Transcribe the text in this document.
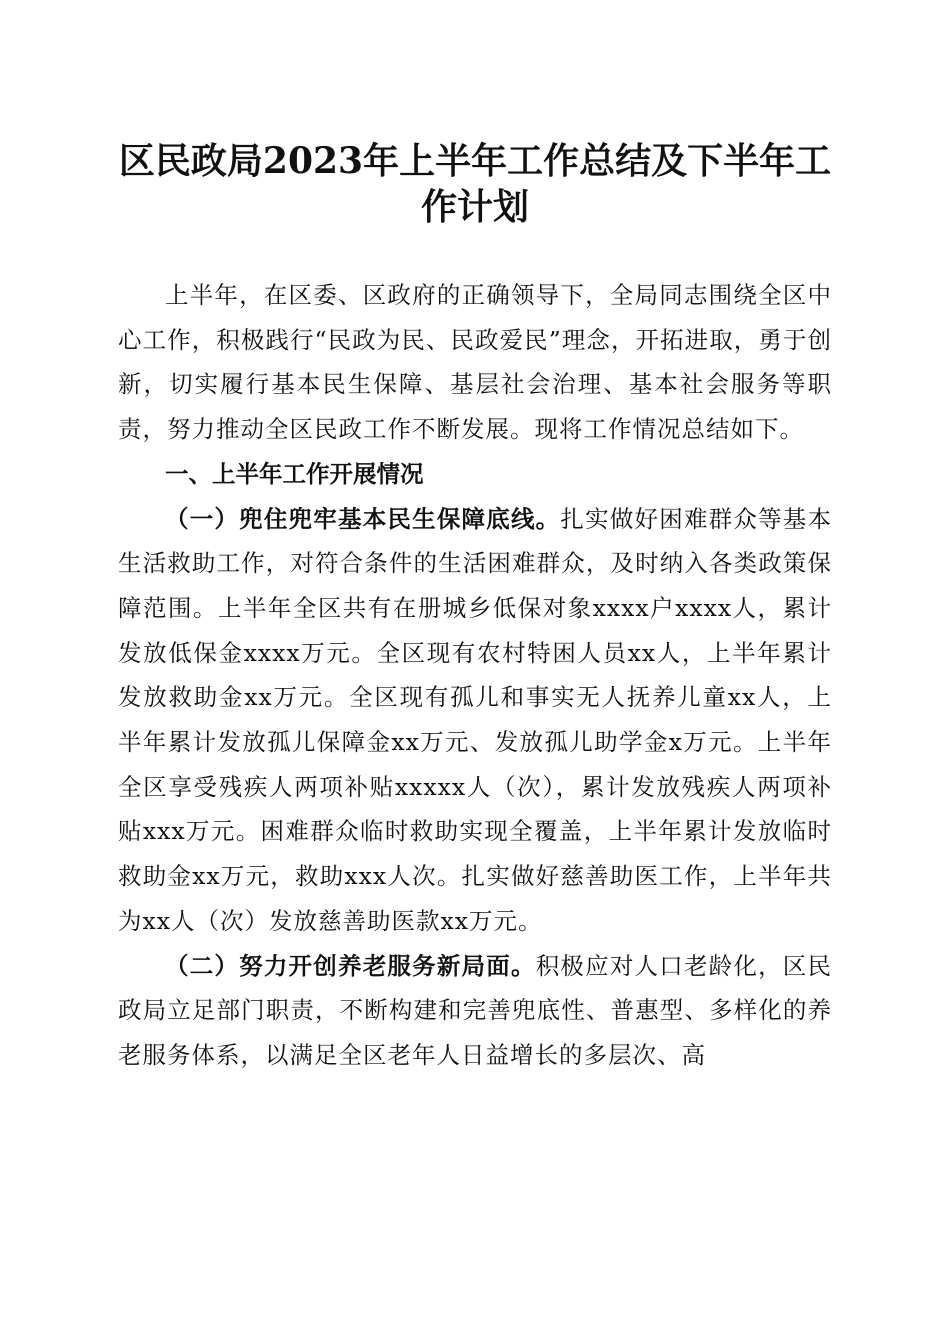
区民政局2023年上半年工作总结及下半年工作计划

上半年，在区委、区政府的正确领导下，全局同志围绕全区中心工作，积极践行“民政为民、民政爱民”理念，开拓进取，勇于创新，切实履行基本民生保障、基层社会治理、基本社会服务等职责，努力推动全区民政工作不断发展。现将工作情况总结如下。

一、上半年工作开展情况

（一）兜住兜牢基本民生保障底线。扎实做好困难群众等基本生活救助工作，对符合条件的生活困难群众，及时纳入各类政策保障范围。上半年全区共有在册城乡低保对象xxxx户xxxx人，累计发放低保金xxxx万元。全区现有农村特困人员xx人，上半年累计发放救助金xx万元。全区现有孤儿和事实无人抚养儿童xx人，上半年累计发放孤儿保障金xx万元、发放孤儿助学金x万元。上半年全区享受残疾人两项补贴xxxxx人（次），累计发放残疾人两项补贴xxx万元。困难群众临时救助实现全覆盖，上半年累计发放临时救助金xx万元，救助xxx人次。扎实做好慈善助医工作，上半年共为xx人（次）发放慈善助医款xx万元。

（二）努力开创养老服务新局面。积极应对人口老龄化，区民政局立足部门职责，不断构建和完善兜底性、普惠型、多样化的养老服务体系，以满足全区老年人日益增长的多层次、高
